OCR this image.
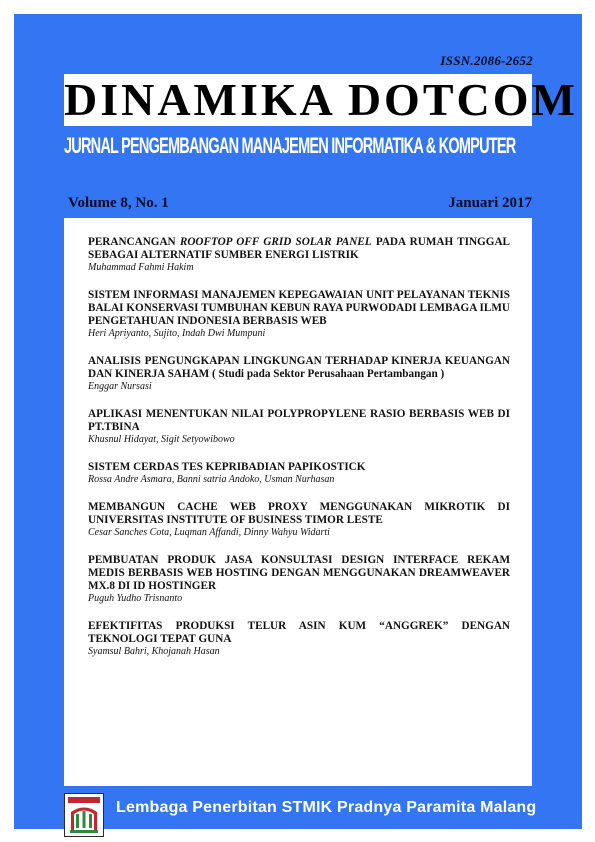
ISSN.2086-2652
DINAMIKA DOTCOM
JURNAL PENGEMBANGAN MANAJEMEN INFORMATIKA & KOMPUTER
Volume 8, No. 1	Januari 2017
PERANCANGAN ROOFTOP OFF GRID SOLAR PANEL PADA RUMAH TINGGAL SEBAGAI ALTERNATIF SUMBER ENERGI LISTRIK
Muhammad Fahmi Hakim
SISTEM INFORMASI MANAJEMEN KEPEGAWAIAN UNIT PELAYANAN TEKNIS BALAI KONSERVASI TUMBUHAN KEBUN RAYA PURWODADI LEMBAGA ILMU PENGETAHUAN INDONESIA BERBASIS WEB
Heri Apriyanto, Sujito, Indah Dwi Mumpuni
ANALISIS PENGUNGKAPAN LINGKUNGAN TERHADAP KINERJA KEUANGAN DAN KINERJA SAHAM ( Studi pada Sektor Perusahaan Pertambangan )
Enggar Nursasi
APLIKASI MENENTUKAN NILAI POLYPROPYLENE RASIO BERBASIS WEB DI PT.TBINA
Khusnul Hidayat, Sigit Setyowibowo
SISTEM CERDAS TES KEPRIBADIAN PAPIKOSTICK
Rossa Andre Asmara, Banni satria Andoko, Usman Nurhasan
MEMBANGUN CACHE WEB PROXY MENGGUNAKAN MIKROTIK DI UNIVERSITAS INSTITUTE OF BUSINESS TIMOR LESTE
Cesar Sanches Cota, Luqman Affandi, Dinny Wahyu Widarti
PEMBUATAN PRODUK JASA KONSULTASI DESIGN INTERFACE REKAM MEDIS BERBASIS WEB HOSTING DENGAN MENGGUNAKAN DREAMWEAVER MX.8 DI ID HOSTINGER
Puguh Yudho Trisnanto
EFEKTIFITAS PRODUKSI TELUR ASIN KUM “ANGGREK” DENGAN TEKNOLOGI TEPAT GUNA
Syamsul Bahri, Khojanah Hasan
Lembaga Penerbitan STMIK Pradnya Paramita Malang
